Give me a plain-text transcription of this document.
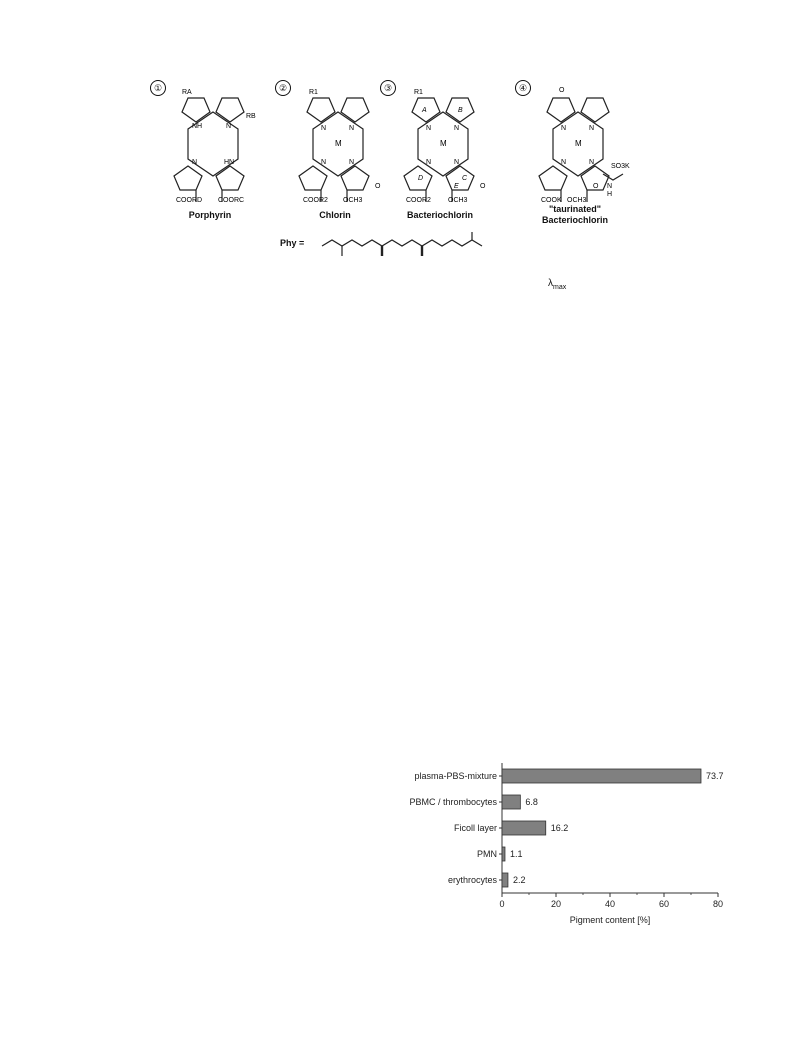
①	RA
NH	N
RB
N	HN
COORD COORC
Porphyrin
②	R1
N	N
M
N	N
COOR2 OCH3
O
Chlorin
③	R1
A	B
N	N
M
N	N
D	C
E
COOR2 OCH3
O
Bacteriochlorin
④	O
N	N
M
N	N
COOK OCH3
O N
H
SO3K
"taurinated"
Bacteriochlorin
Phy =
$\lambda_{max}$
plasma-PBS-mixture	73.7
PBMC / thrombocytes	6.8
Ficoll layer	16.2
PMN 1.1
erythrocytes 2.2
0	20	40	60	80
Pigment content [%]
